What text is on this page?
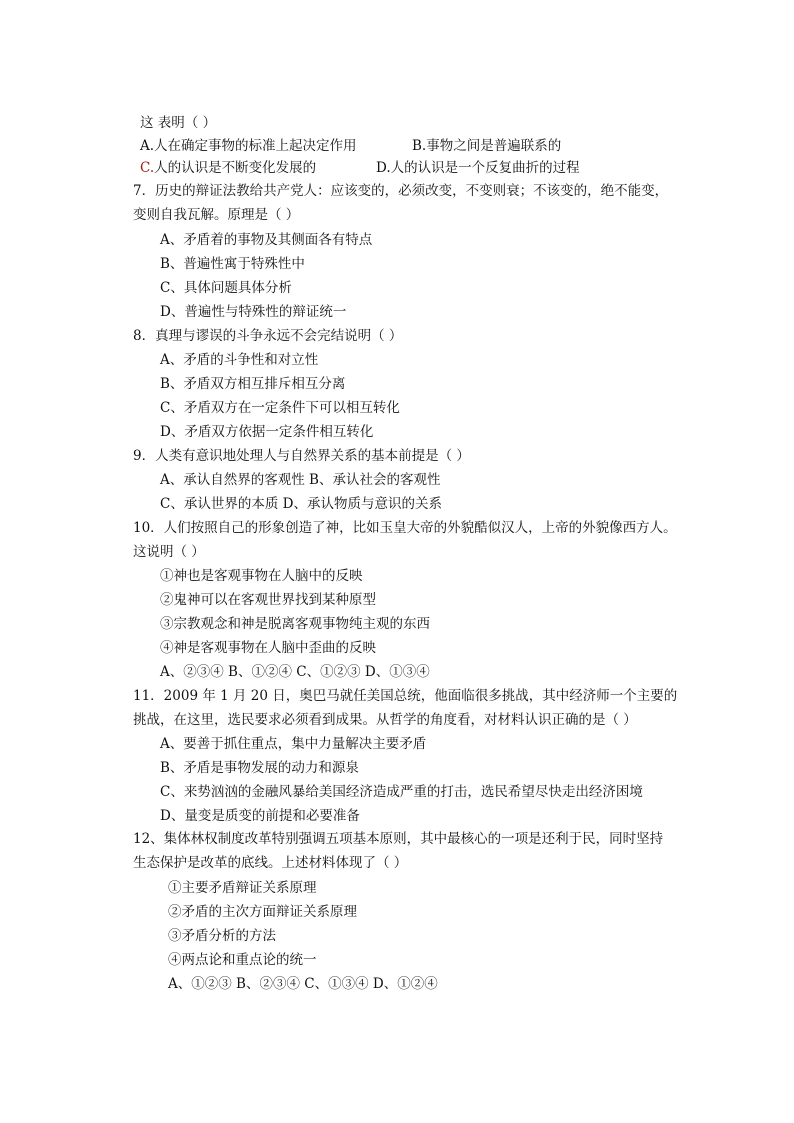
这 表明（ ）
A.人在确定事物的标准上起决定作用	B.事物之间是普遍联系的
C.人的认识是不断变化发展的	D.人的认识是一个反复曲折的过程
7．历史的辩证法教给共产党人：应该变的，必须改变，不变则衰；不该变的，绝不能变，
变则自我瓦解。原理是（ ）
A、矛盾着的事物及其侧面各有特点
B、普遍性寓于特殊性中
C、具体问题具体分析
D、普遍性与特殊性的辩证统一
8．真理与谬误的斗争永远不会完结说明（ ）
A、矛盾的斗争性和对立性
B、矛盾双方相互排斥相互分离
C、矛盾双方在一定条件下可以相互转化
D、矛盾双方依据一定条件相互转化
9．人类有意识地处理人与自然界关系的基本前提是（ ）
A、承认自然界的客观性 B、承认社会的客观性
C、承认世界的本质 D、承认物质与意识的关系
10．人们按照自己的形象创造了神，比如玉皇大帝的外貌酷似汉人，上帝的外貌像西方人。
这说明（ ）
①神也是客观事物在人脑中的反映
②鬼神可以在客观世界找到某种原型
③宗教观念和神是脱离客观事物纯主观的东西
④神是客观事物在人脑中歪曲的反映
A、②③④ B、①②④ C、①②③ D、①③④
11．2009 年 1 月 20 日，奥巴马就任美国总统，他面临很多挑战，其中经济师一个主要的
挑战，在这里，选民要求必须看到成果。从哲学的角度看，对材料认识正确的是（ ）
A、要善于抓住重点，集中力量解决主要矛盾
B、矛盾是事物发展的动力和源泉
C、来势汹汹的金融风暴给美国经济造成严重的打击，选民希望尽快走出经济困境
D、量变是质变的前提和必要准备
12、集体林权制度改革特别强调五项基本原则，其中最核心的一项是还利于民，同时坚持
生态保护是改革的底线。上述材料体现了（ ）
①主要矛盾辩证关系原理
②矛盾的主次方面辩证关系原理
③矛盾分析的方法
④两点论和重点论的统一
A、①②③ B、②③④ C、①③④ D、①②④
